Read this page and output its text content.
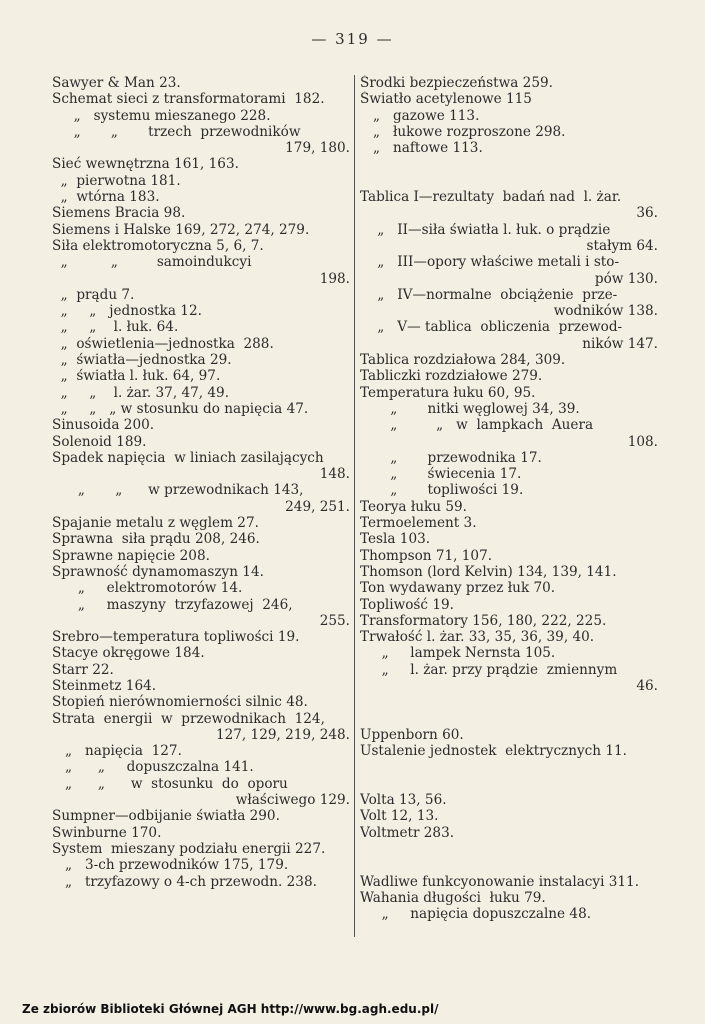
— 319 —
Sawyer & Man 23.
Schemat sieci z transformatorami  182.
„   systemu mieszanego 228.
„       „       trzech  przewodników
179, 180.
Sieć wewnętrzna 161, 163.
„  pierwotna 181.
„  wtórna 183.
Siemens Bracia 98.
Siemens i Halske 169, 272, 274, 279.
Siła elektromotoryczna 5, 6, 7.
„          „         samoindukcyi
198.
„  prądu 7.
„     „   jednostka 12.
„     „    l. łuk. 64.
„  oświetlenia—jednostka  288.
„  światła—jednostka 29.
„  światła l. łuk. 64, 97.
„     „    l. żar. 37, 47, 49.
„     „   „ w stosunku do napięcia 47.
Sinusoida 200.
Solenoid 189.
Spadek napięcia  w liniach zasilających
148.
„       „      w przewodnikach 143,
249, 251.
Spajanie metalu z węglem 27.
Sprawna  siła prądu 208, 246.
Sprawne napięcie 208.
Sprawność dynamomaszyn 14.
„     elektromotorów 14.
„     maszyny  trzyfazowej  246,
255.
Srebro—temperatura topliwości 19.
Stacye okręgowe 184.
Starr 22.
Steinmetz 164.
Stopień nierównomierności silnic 48.
Strata  energii  w  przewodnikach  124,
127, 129, 219, 248.
„   napięcia  127.
„      „     dopuszczalna 141.
„      „      w  stosunku  do  oporu
właściwego 129.
Sumpner—odbijanie światła 290.
Swinburne 170.
System  mieszany podziału energii 227.
„   3-ch przewodników 175, 179.
„   trzyfazowy o 4-ch przewodn. 238.
Środki bezpieczeństwa 259.
Światło acetylenowe 115
„   gazowe 113.
„   łukowe rozproszone 298.
„   naftowe 113.
Tablica I—rezultaty  badań nad  l. żar.
36.
„   II—siła światła l. łuk. o prądzie
stałym 64.
„   III—opory właściwe metali i sto-
pów 130.
„   IV—normalne  obciążenie  prze-
wodników 138.
„   V— tablica  obliczenia  przewod-
ników 147.
Tablica rozdziałowa 284, 309.
Tabliczki rozdziałowe 279.
Temperatura łuku 60, 95.
„       nitki węglowej 34, 39.
„         „   w  lampkach  Auera
108.
„       przewodnika 17.
„       świecenia 17.
„       topliwości 19.
Teorya łuku 59.
Termoelement 3.
Tesla 103.
Thompson 71, 107.
Thomson (lord Kelvin) 134, 139, 141.
Ton wydawany przez łuk 70.
Topliwość 19.
Transformatory 156, 180, 222, 225.
Trwałość l. żar. 33, 35, 36, 39, 40.
„     lampek Nernsta 105.
„     l. żar. przy prądzie  zmiennym
46.
Uppenborn 60.
Ustalenie jednostek  elektrycznych 11.
Volta 13, 56.
Volt 12, 13.
Voltmetr 283.
Wadliwe funkcyonowanie instalacyi 311.
Wahania długości  łuku 79.
„     napięcia dopuszczalne 48.
Ze zbiorów Biblioteki Głównej AGH http://www.bg.agh.edu.pl/
